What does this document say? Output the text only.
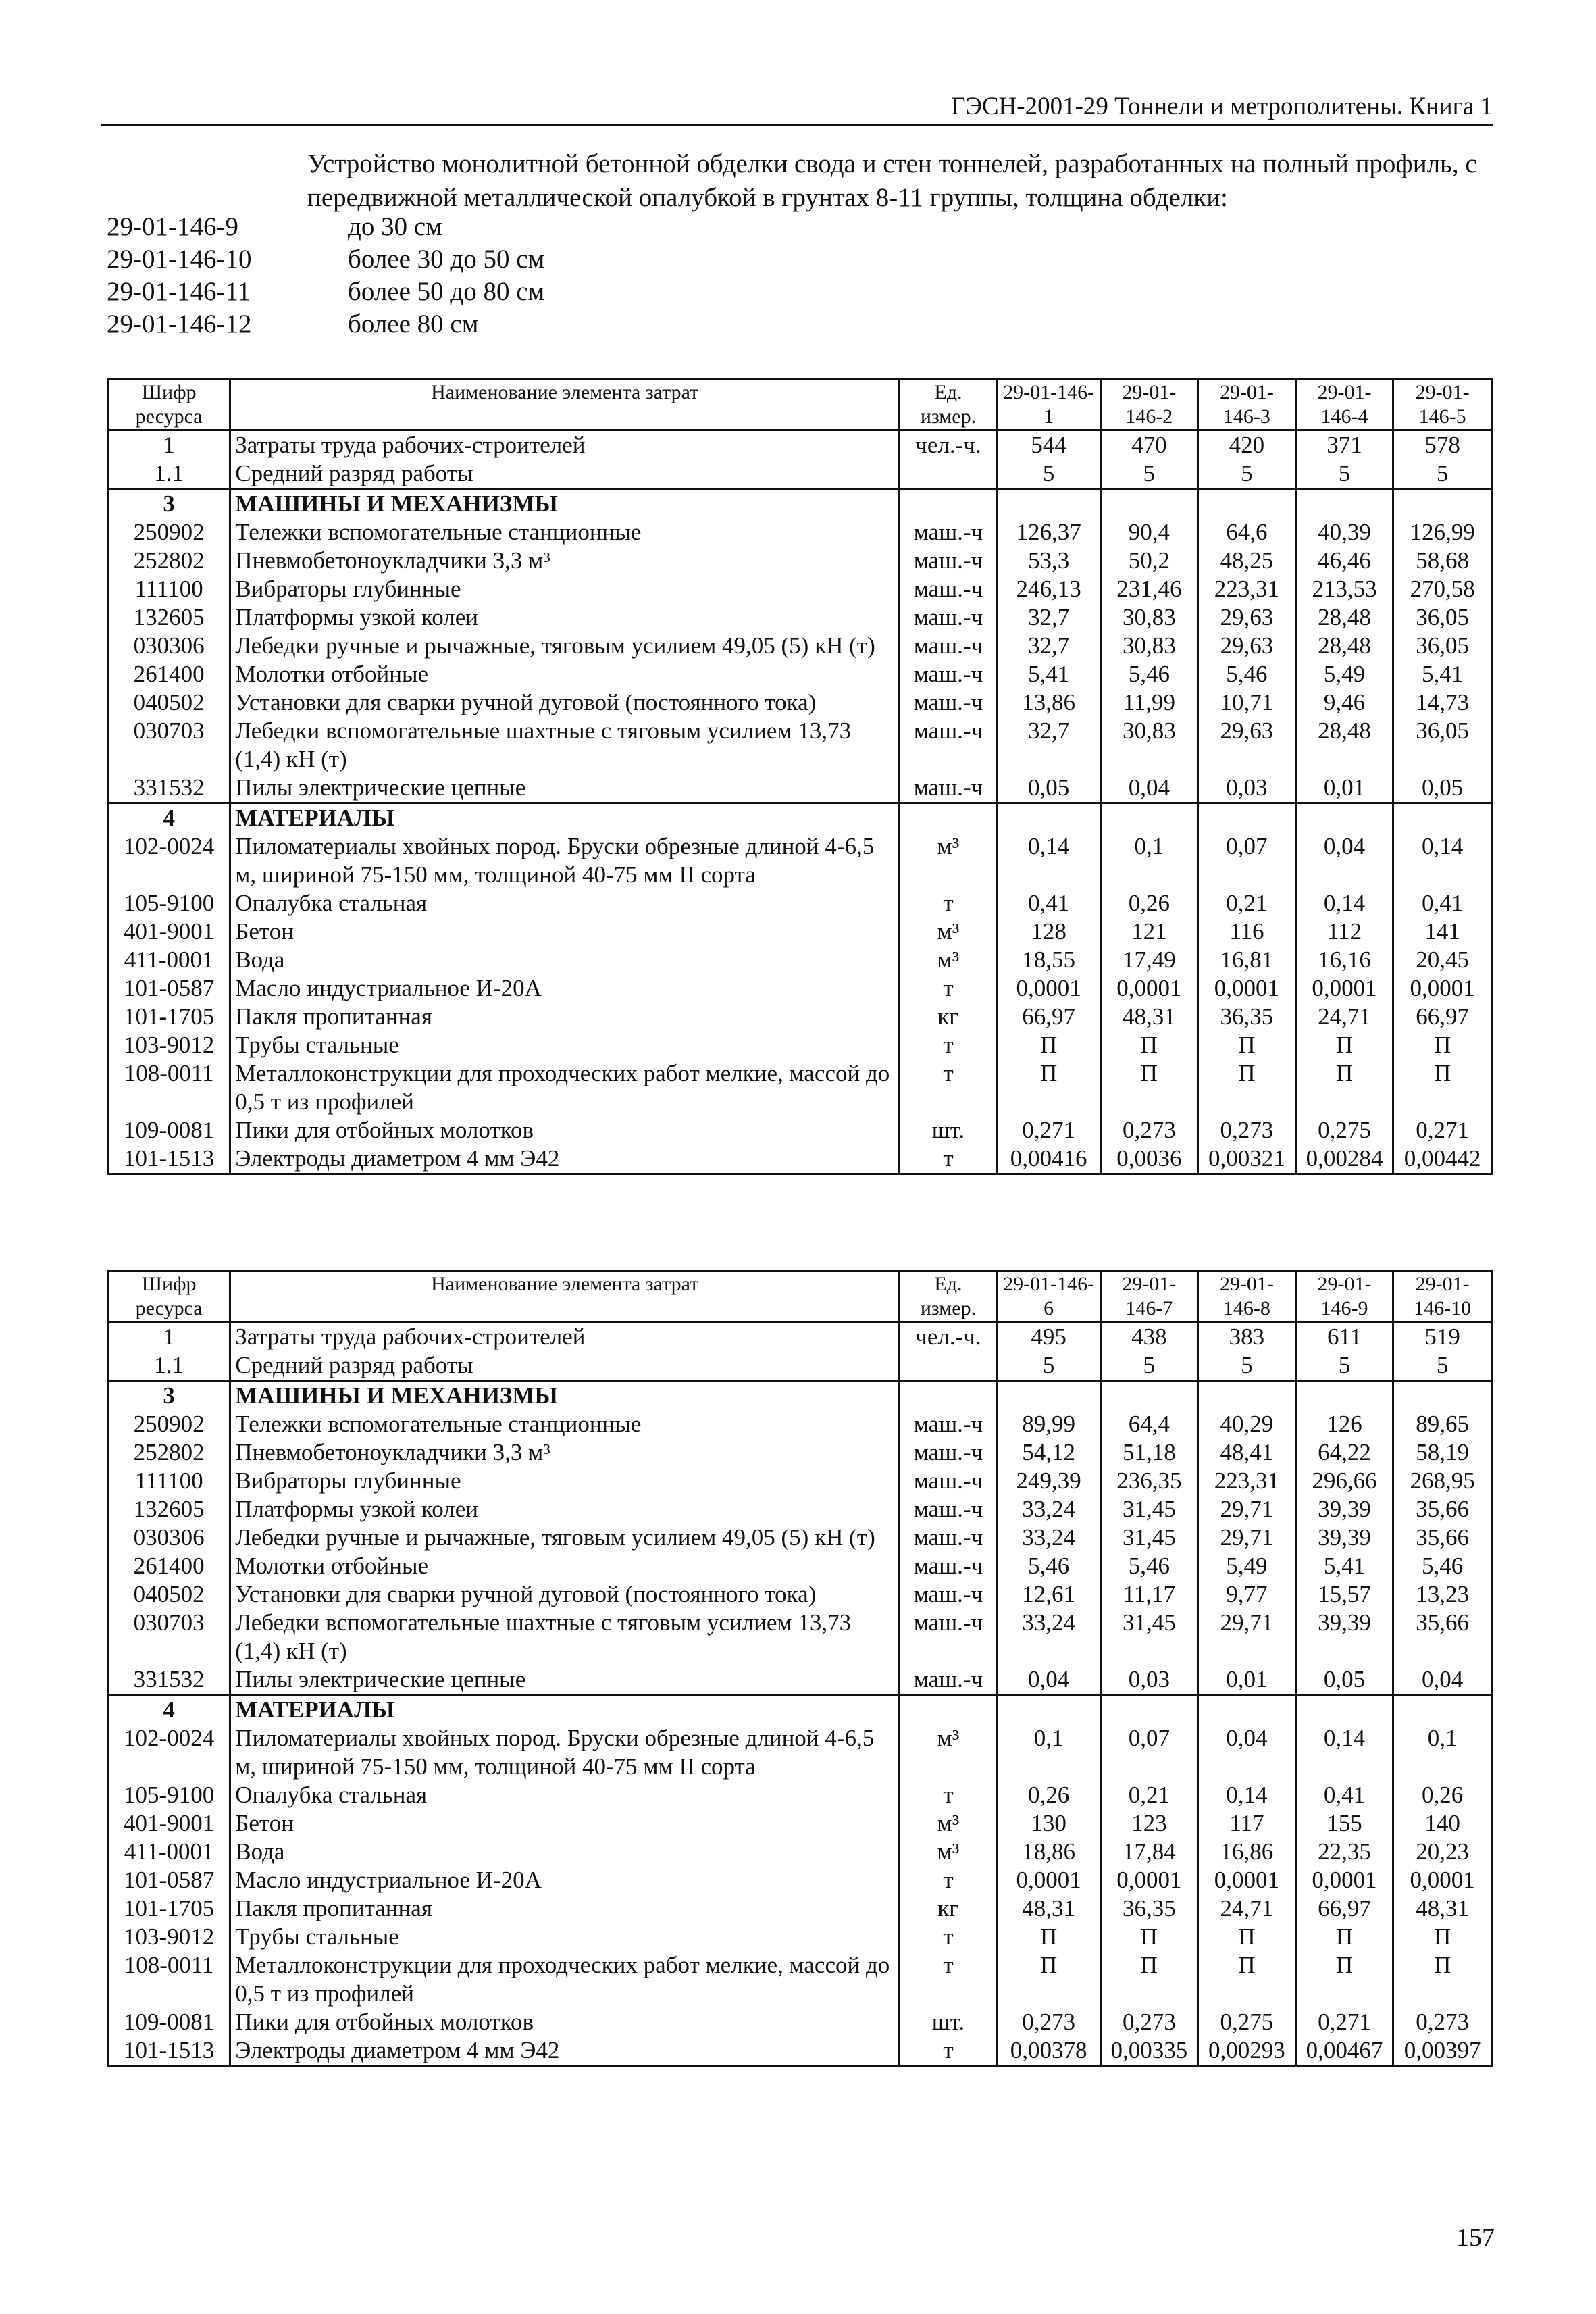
ГЭСН-2001-29 Тоннели и метрополитены. Книга 1
Устройство монолитной бетонной обделки свода и стен тоннелей, разработанных на полный профиль, с передвижной металлической опалубкой в грунтах 8-11 группы, толщина обделки:
29-01-146-9	до 30 см
29-01-146-10	более 30 до 50 см
29-01-146-11	более 50 до 80 см
29-01-146-12	более 80 см
Шифр ресурса	Наименование элемента затрат	Ед. измер.	29-01-146-1	29-01-146-2	29-01-146-3	29-01-146-4	29-01-146-5
1	Затраты труда рабочих-строителей	чел.-ч.	544	470	420	371	578
1.1	Средний разряд работы		5	5	5	5	5
3	МАШИНЫ И МЕХАНИЗМЫ						
250902	Тележки вспомогательные станционные	маш.-ч	126,37	90,4	64,6	40,39	126,99
252802	Пневмобетоноукладчики 3,3 м³	маш.-ч	53,3	50,2	48,25	46,46	58,68
111100	Вибраторы глубинные	маш.-ч	246,13	231,46	223,31	213,53	270,58
132605	Платформы узкой колеи	маш.-ч	32,7	30,83	29,63	28,48	36,05
030306	Лебедки ручные и рычажные, тяговым усилием 49,05 (5) кН (т)	маш.-ч	32,7	30,83	29,63	28,48	36,05
261400	Молотки отбойные	маш.-ч	5,41	5,46	5,46	5,49	5,41
040502	Установки для сварки ручной дуговой (постоянного тока)	маш.-ч	13,86	11,99	10,71	9,46	14,73
030703	Лебедки вспомогательные шахтные с тяговым усилием 13,73 (1,4) кН (т)	маш.-ч	32,7	30,83	29,63	28,48	36,05
331532	Пилы электрические цепные	маш.-ч	0,05	0,04	0,03	0,01	0,05
4	МАТЕРИАЛЫ						
102-0024	Пиломатериалы хвойных пород. Бруски обрезные длиной 4-6,5 м, шириной 75-150 мм, толщиной 40-75 мм II сорта	м³	0,14	0,1	0,07	0,04	0,14
105-9100	Опалубка стальная	т	0,41	0,26	0,21	0,14	0,41
401-9001	Бетон	м³	128	121	116	112	141
411-0001	Вода	м³	18,55	17,49	16,81	16,16	20,45
101-0587	Масло индустриальное И-20А	т	0,0001	0,0001	0,0001	0,0001	0,0001
101-1705	Пакля пропитанная	кг	66,97	48,31	36,35	24,71	66,97
103-9012	Трубы стальные	т	П	П	П	П	П
108-0011	Металлоконструкции для проходческих работ мелкие, массой до 0,5 т из профилей	т	П	П	П	П	П
109-0081	Пики для отбойных молотков	шт.	0,271	0,273	0,273	0,275	0,271
101-1513	Электроды диаметром 4 мм Э42	т	0,00416	0,0036	0,00321	0,00284	0,00442
Шифр ресурса	Наименование элемента затрат	Ед. измер.	29-01-146-6	29-01-146-7	29-01-146-8	29-01-146-9	29-01-146-10
1	Затраты труда рабочих-строителей	чел.-ч.	495	438	383	611	519
1.1	Средний разряд работы		5	5	5	5	5
3	МАШИНЫ И МЕХАНИЗМЫ						
250902	Тележки вспомогательные станционные	маш.-ч	89,99	64,4	40,29	126	89,65
252802	Пневмобетоноукладчики 3,3 м³	маш.-ч	54,12	51,18	48,41	64,22	58,19
111100	Вибраторы глубинные	маш.-ч	249,39	236,35	223,31	296,66	268,95
132605	Платформы узкой колеи	маш.-ч	33,24	31,45	29,71	39,39	35,66
030306	Лебедки ручные и рычажные, тяговым усилием 49,05 (5) кН (т)	маш.-ч	33,24	31,45	29,71	39,39	35,66
261400	Молотки отбойные	маш.-ч	5,46	5,46	5,49	5,41	5,46
040502	Установки для сварки ручной дуговой (постоянного тока)	маш.-ч	12,61	11,17	9,77	15,57	13,23
030703	Лебедки вспомогательные шахтные с тяговым усилием 13,73 (1,4) кН (т)	маш.-ч	33,24	31,45	29,71	39,39	35,66
331532	Пилы электрические цепные	маш.-ч	0,04	0,03	0,01	0,05	0,04
4	МАТЕРИАЛЫ						
102-0024	Пиломатериалы хвойных пород. Бруски обрезные длиной 4-6,5 м, шириной 75-150 мм, толщиной 40-75 мм II сорта	м³	0,1	0,07	0,04	0,14	0,1
105-9100	Опалубка стальная	т	0,26	0,21	0,14	0,41	0,26
401-9001	Бетон	м³	130	123	117	155	140
411-0001	Вода	м³	18,86	17,84	16,86	22,35	20,23
101-0587	Масло индустриальное И-20А	т	0,0001	0,0001	0,0001	0,0001	0,0001
101-1705	Пакля пропитанная	кг	48,31	36,35	24,71	66,97	48,31
103-9012	Трубы стальные	т	П	П	П	П	П
108-0011	Металлоконструкции для проходческих работ мелкие, массой до 0,5 т из профилей	т	П	П	П	П	П
109-0081	Пики для отбойных молотков	шт.	0,273	0,273	0,275	0,271	0,273
101-1513	Электроды диаметром 4 мм Э42	т	0,00378	0,00335	0,00293	0,00467	0,00397
157
